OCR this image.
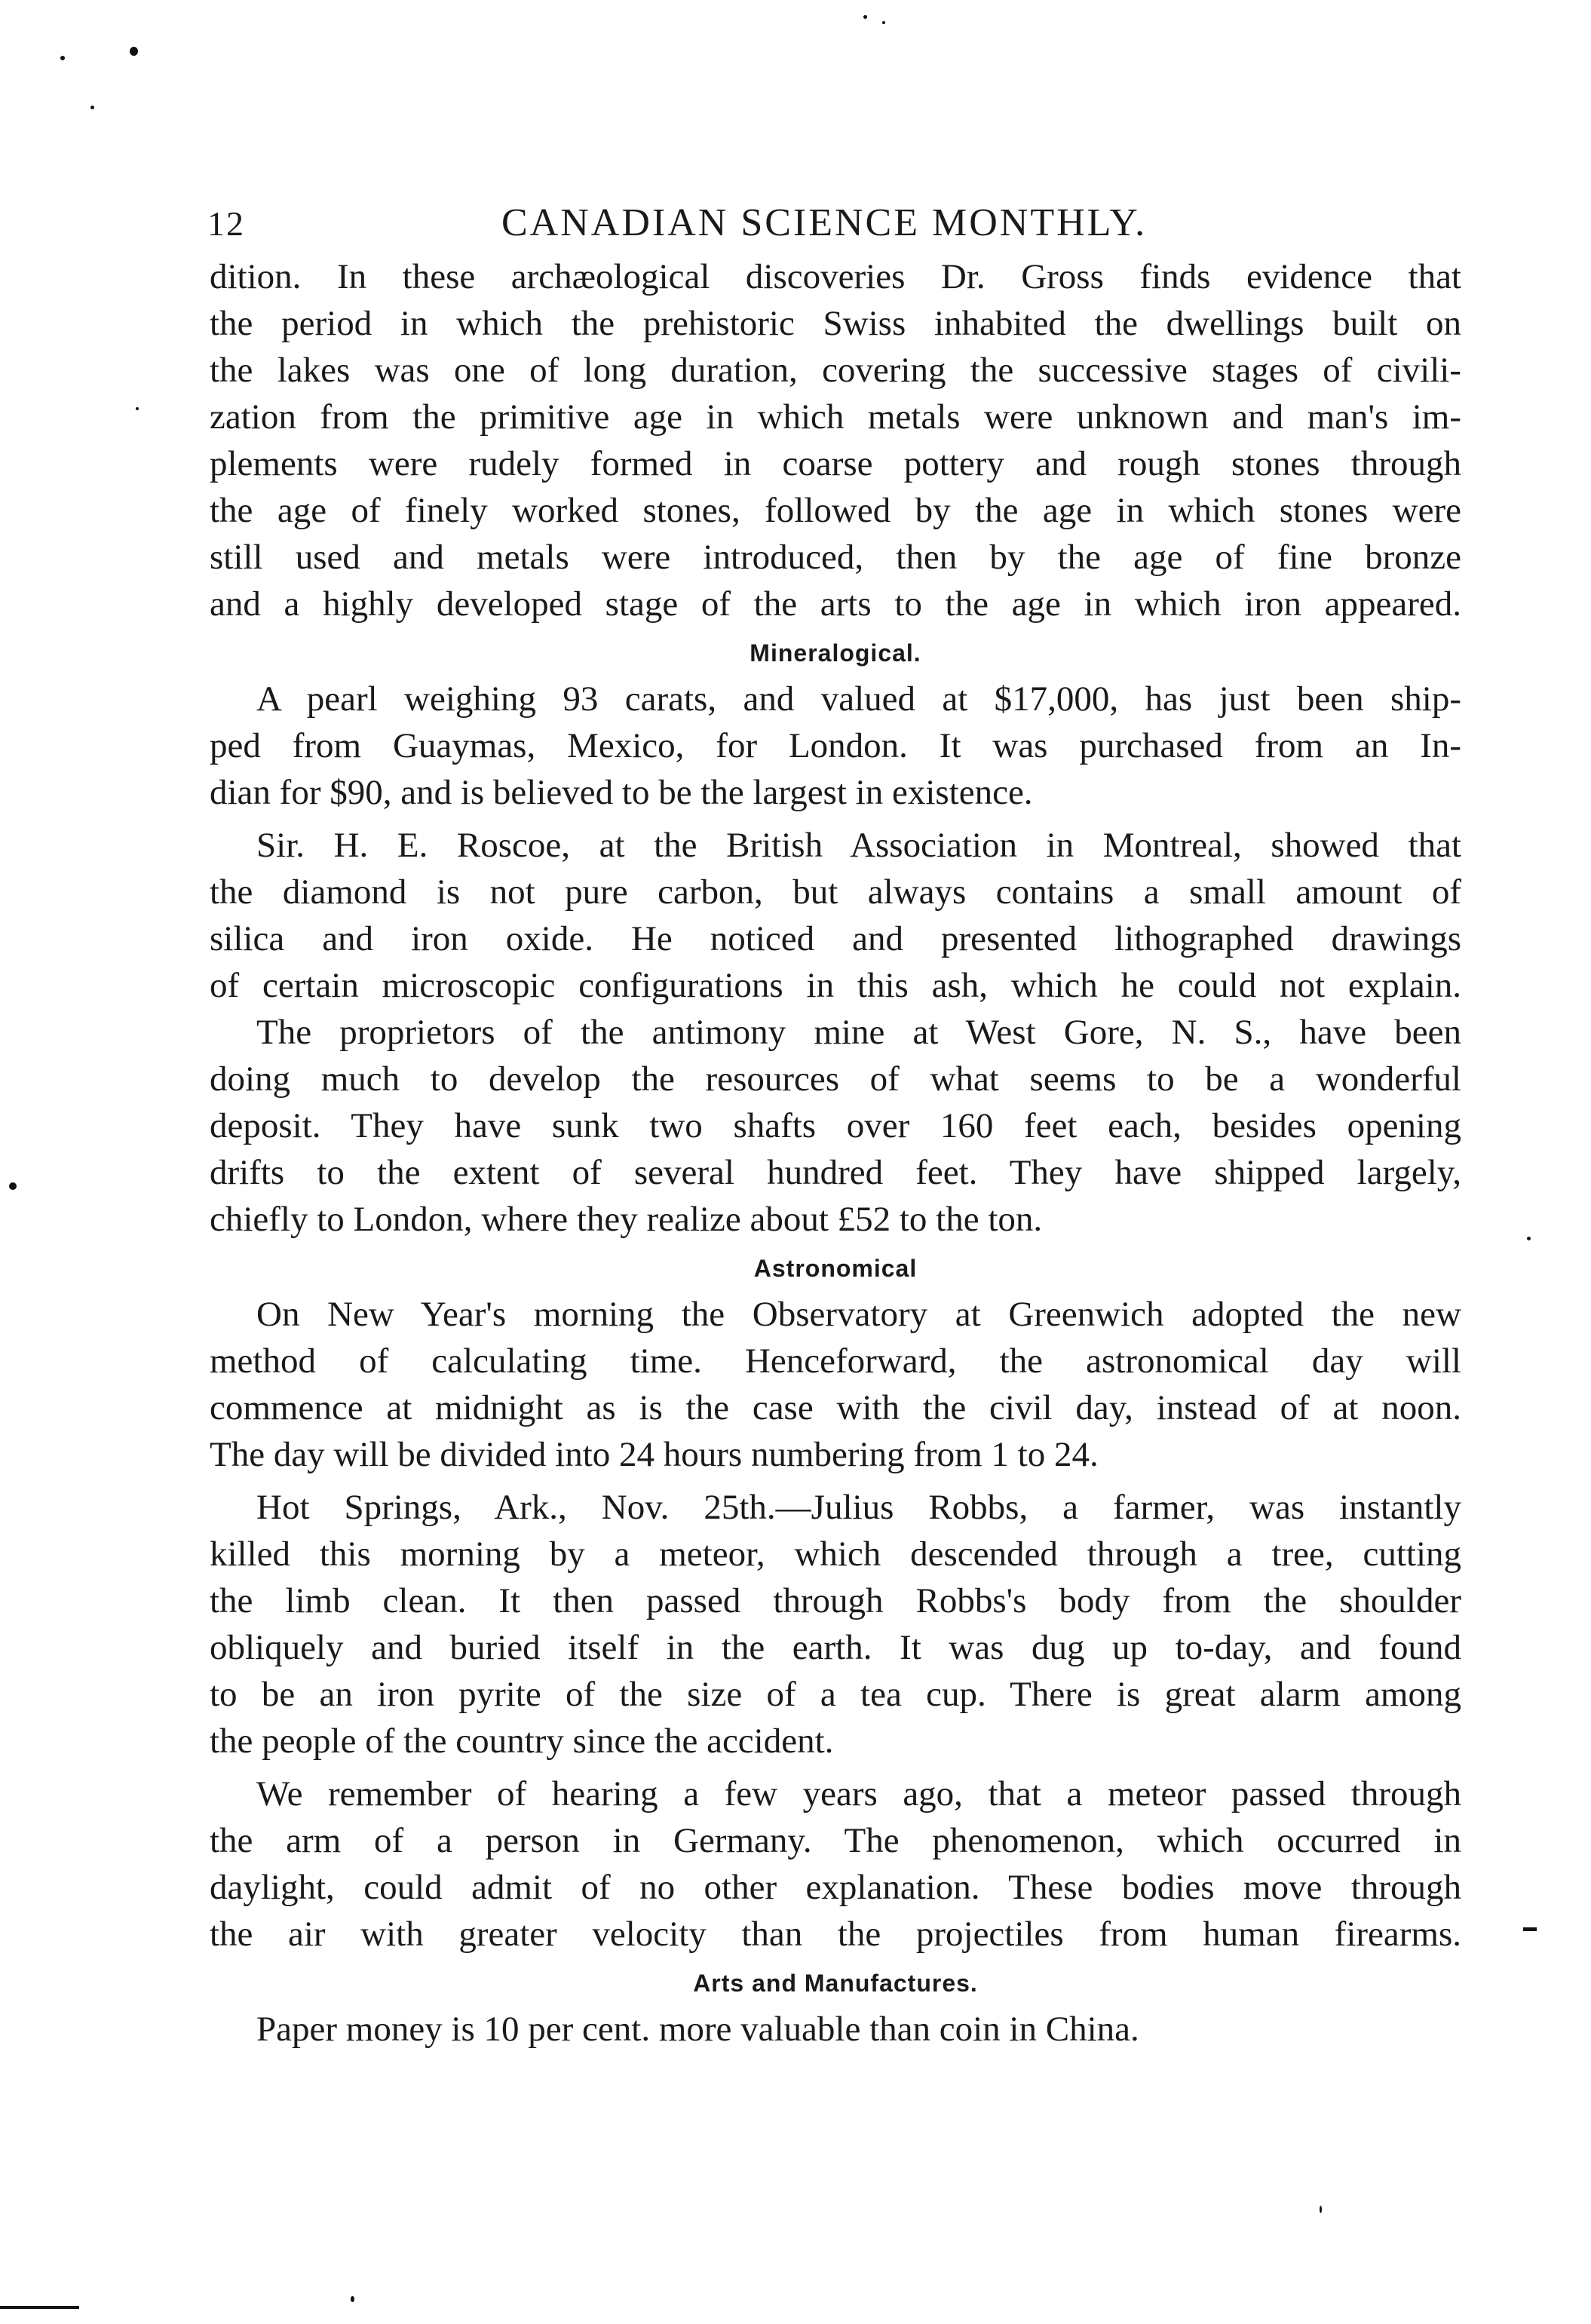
12	CANADIAN SCIENCE MONTHLY.
dition. In these archæological discoveries Dr. Gross finds evidence that
the period in which the prehistoric Swiss inhabited the dwellings built on
the lakes was one of long duration, covering the successive stages of civili-
zation from the primitive age in which metals were unknown and man's im-
plements were rudely formed in coarse pottery and rough stones through
the age of finely worked stones, followed by the age in which stones were
still used and metals were introduced, then by the age of fine bronze
and a highly developed stage of the arts to the age in which iron appeared.
Mineralogical.
A pearl weighing 93 carats, and valued at $17,000, has just been ship-
ped from Guaymas, Mexico, for London. It was purchased from an In-
dian for $90, and is believed to be the largest in existence.
Sir. H. E. Roscoe, at the British Association in Montreal, showed that
the diamond is not pure carbon, but always contains a small amount of
silica and iron oxide. He noticed and presented lithographed drawings
of certain microscopic configurations in this ash, which he could not explain.
The proprietors of the antimony mine at West Gore, N. S., have been
doing much to develop the resources of what seems to be a wonderful
deposit. They have sunk two shafts over 160 feet each, besides opening
drifts to the extent of several hundred feet. They have shipped largely,
chiefly to London, where they realize about £52 to the ton.
Astronomical
On New Year's morning the Observatory at Greenwich adopted the new
method of calculating time. Henceforward, the astronomical day will
commence at midnight as is the case with the civil day, instead of at noon.
The day will be divided into 24 hours numbering from 1 to 24.
Hot Springs, Ark., Nov. 25th.—Julius Robbs, a farmer, was instantly
killed this morning by a meteor, which descended through a tree, cutting
the limb clean. It then passed through Robbs's body from the shoulder
obliquely and buried itself in the earth. It was dug up to-day, and found
to be an iron pyrite of the size of a tea cup. There is great alarm among
the people of the country since the accident.
We remember of hearing a few years ago, that a meteor passed through
the arm of a person in Germany. The phenomenon, which occurred in
daylight, could admit of no other explanation. These bodies move through
the air with greater velocity than the projectiles from human firearms.
Arts and Manufactures.
Paper money is 10 per cent. more valuable than coin in China.
